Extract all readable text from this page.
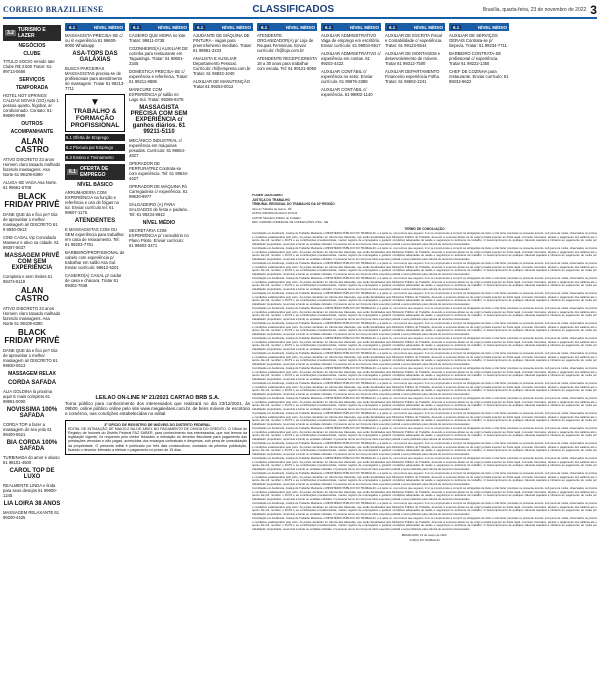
CORREIO BRAZILIENSE	CLASSIFICADOS	Brasília, quarta-feira, 23 de novembro de 2022 3
3.2 TURISMO E LAZER
NEGÓCIOS
CLUBE
TITULO SOCIO remido Iate Clube R$ 3.500 Tratar: 61-99713-0656
SERVIÇOS
TEMPORADA
HOTEL NOT SPRINGS CALDAS NOVAS (GO) Apto 1 pessoa quarto, frigobar, ar condicionado. Contato: 61-99690-9999
OUTROS
ACOMPANHANTE
ALAN CASTRO
ATIVO DISCRETO 23 anos Homem claro tatuado malhado fazendo massagens. Asa Norte 61 99109-8390
ALUGA-SE VAGA Asa Norte. 61 99651-5708
BLACK FRIDAY PRIVÊ
DANE QUE da e fico pe? Dia de aproveitar o melhor massagem ai! DISCRETO 61 9 9930-0513
CINE CASAL Vip Convidado Masseur e ativo na cidade. 61 99397-5637
MASSAGEM PRIVÊ COM SEM EXPERIÊNCIA
Completa e sem limites 61 98474-5119
ALAN CASTRO
ATIVO DISCRETO 23 anos Homem claro tatuado malhado fazendo massagens. Asa Norte 61 99109-8390
BLACK FRIDAY PRIVÊ
DANE QUE da e fico pe? Dia de aproveitar o melhor massagem ai! DISCRETO 61 99930-0513
MASSAGEM RELAX
CORDA SAFADA
ALIA GOLDINA la proxima aqui! E mais completo 61 99981-0000
NOVISSIMA 100% SAFADA
CORDA TOP a fazer a massagem do seu jeito 61 99400-5521
BIA CORDA 100% SAFADA
TURBINADA do amor e abuso 61 98101-4500
CAROL TOP DE LUXO
REALMENTE LINDA e linda para seus desejos 61 99600-1245
LIA LOIRA 38 ANOS
MASSAGEM RELAXANTE 61 99200-4425
6.1	NÍVEL MÉDIO
MASSAGISTA PRECISA-SE c/ ou s/ experiência 61 99600-9000 Whatsapp
ASA-TOPS DAS GALÁXIAS
BUSCA PARCEIRAS MASSAGISTAS precisa-se de profissionais para atendimento de massagem. Tratar 61 99213-7711
▼
TRABALHO & FORMAÇÃO PROFISSIONAL
6.1 Oferta de Emprego
6.2 Procura por Emprego
6.3 Ensino e Treinamento
6.1 OFERTA DE EMPREGO
NÍVEL BÁSICO
ARRUMADEIRA COM EXPERIÊNCIA na função e referência e uso de folgas no tur. Enviar currículo tel: 61 99607-1175
ATENDENTES
E MASSAGISTAS COM OU SEM experiência para trabalhar em casa de relaxamento. Tel: 61 99203-7781
BARBEIRO/PROFISSIONAL de cabelo com experiência p/ trabalhar em salão Asa Sul. Enviar currículo: 98612-5201
CASEIRO(A) CASAL p/ cuidar de casa e chácara. Tratar 61 99302-7848
6.1	NÍVEL MÉDIO
CASEIRO QUE MORA no lote. Tratar: 99611-0738
COZINHEIRO(A) AUXILIAR DE cozinha para restaurante em Taguatinga. Tratar: 61 99601-2345
DOMÉSTICA PRECISA-SE c/ experiência e referência. Tratar: 61 99211-8888
MANICURE COM EXPERIÊNCIA p/ salão no Lago Sul. Tratar: 99289-8478
MASSAGISTA PRECISA COM SEM EXPERIÊNCIA c/ ganhos diários. 61 99211-5110
MECÂNICO INDUSTRIAL c/ experiência em máquinas pesadas. Currículo: 61 98654-4827
OPERADOR DE PERFURATRIZ Contrata-se com experiência. Tel: 61 99634-4427
OPERADOR DE MÁQUINA Pá Carregadeira c/ experiência. 61 99630-9977
SALGADEIRO (A) PARA SALGADOS de festa e padaria. Tel: 61 99234-8842
NÍVEL MÉDIO
SECRETÁRIA COM EXPERIÊNCIA p/ consultório no Plano Piloto. Enviar currículo: 61 99602-3471
LEILÃO ON-LINE Nº 21/2021 CARTÃO BRB S.A.
Torna público para conhecimento dos interessados que realizará no dia 23/12/2021, às 09h00, online público online pelo site www.megaleiloes.com.br, de bens móveis de escritório e comércio, nas condições estabelecidas no edital.
3º OFÍCIO DE REGISTRO DE IMÓVEIS DO DISTRITO FEDERAL
EDITAL DE INTIMAÇÃO DE MAIOCO NA DE ARIEL NO PAGAMENTO DE DIVIDA DO CREDITO. O Oficial do Registro de Imóveis do Distrito Federal FAZ SABER, para conhecimento dos interessados, que nos termos da legislação vigente, foi requerido pelo credor fiduciário a intimação do devedor fiduciante para pagamento das prestações vencidas e não pagas, acrescidas dos encargos contratuais e despesas, sob pena de consolidação da propriedade. O presente edital é publicado por três dias consecutivos, contados da primeira publicação, ficando o devedor intimado a efetuar o pagamento no prazo de 15 dias.
6.1	NÍVEL MÉDIO
AJUDANTE DE MÁQUINA DE PINTURA - vagas para preenchimento imediato. Tratar: 61 99981-2233
ANALISTA E AUXILIAR Departamento Pessoal. Currículo: rh@empresa.com.br Tratar: 61 98832-1040
AUXILIAR DE MANUTENÇÃO Tratar 61 99254-0012
6.1	NÍVEL MÉDIO
ATENDENTE ORGANIZADOR(A) p/ Loja de Roupas Femininas. Enviar currículo: rh@loja.com.br
ATENDENTE RECEPCIONISTA 18 a 30 anos para trabalhar com escala. Tel: 61 99121-6050
6.1	NÍVEL MÉDIO
AUXILIAR ADMINISTRATIVO Vaga de emprego em escritório. Enviar currículo: 61 98004-6617
AUXILIAR ADMINISTRATIVO c/ experiência em contas. 61 99202-4422
AUXILIAR CONTÁBIL c/ experiência no setor. Enviar currículo. 61 99876-3388
AUXILIAR CONTÁBIL c/ experiência. 61 99802-1140
6.1	NÍVEL MÉDIO
AUXILIAR DE ESCRITA Fiscal e Contabilidade c/ experiência. Tratar: 61 99123-5544
AUXILIAR DE MONTAGEM e desenvolvimento de móveis. Tratar 61 99312-7500
AUXILIAR DEPARTAMENTO Financeiro experiência Folha. Tratar: 61 99602-2241
6.1	NÍVEL MÉDIO
AUXILIAR DE SERVIÇOS GERAIS Contrata-se p/ limpeza. Tratar: 61 99234-7711
BARBEIRO CONTRATA-SE profissional c/ experiência. Tratar 61 99222-1350
CHEF DE COZINHA para restaurante. Enviar currículo: 61 99232-6622

PODER JUDICIÁRIO

JUSTIÇA DO TRABALHO

TRIBUNAL REGIONAL DO TRABALHO DA 10ª REGIÃO

Vara do Trabalho de Gama - DF

ACPCiv 0000000-00.2012.5.10.0111

AUTOR: Ministério Público do Trabalho

RÉU: FORMAR COMERCIAL DE CONFECÇÕES LTDA - ME

TERMO DE CONCILIAÇÃO

Conciliação em Audiência, Justiça do Trabalho Mediante o MINISTÉRIO PÚBLICO DO TRABALHO, e a parte ré, nos termos que seguem. A ré se compromete a cumprir as obrigações de fazer e não fazer previstas no presente acordo, sob pena de multa, observados os prazos e condições estabelecidos pelo juízo. As partes declaram ter ciência das cláusulas, que serão fiscalizadas pelo Ministério Público do Trabalho, devendo a empresa abster-se de exigir jornada superior ao limite legal, conceder intervalos, efetuar o pagamento dos salários até o quinto dia útil, recolher o FGTS e as contribuições previdenciárias, manter registro de empregados e garantir condições adequadas de saúde e segurança no ambiente de trabalho. O descumprimento de qualquer cláusula sujeitará a infratora ao pagamento de multa por trabalhador prejudicado, reversível a fundo ou entidade indicada. O presente termo tem força de título executivo judicial e será publicado para ciência de terceiros interessados.

Conciliação em Audiência, Justiça do Trabalho Mediante o MINISTÉRIO PÚBLICO DO TRABALHO, e a parte ré, nos termos que seguem. A ré se compromete a cumprir as obrigações de fazer e não fazer previstas no presente acordo, sob pena de multa, observados os prazos e condições estabelecidos pelo juízo. As partes declaram ter ciência das cláusulas, que serão fiscalizadas pelo Ministério Público do Trabalho, devendo a empresa abster-se de exigir jornada superior ao limite legal, conceder intervalos, efetuar o pagamento dos salários até o quinto dia útil, recolher o FGTS e as contribuições previdenciárias, manter registro de empregados e garantir condições adequadas de saúde e segurança no ambiente de trabalho. O descumprimento de qualquer cláusula sujeitará a infratora ao pagamento de multa por trabalhador prejudicado, reversível a fundo ou entidade indicada. O presente termo tem força de título executivo judicial e será publicado para ciência de terceiros interessados.

Conciliação em Audiência, Justiça do Trabalho Mediante o MINISTÉRIO PÚBLICO DO TRABALHO, e a parte ré, nos termos que seguem. A ré se compromete a cumprir as obrigações de fazer e não fazer previstas no presente acordo, sob pena de multa, observados os prazos e condições estabelecidos pelo juízo. As partes declaram ter ciência das cláusulas, que serão fiscalizadas pelo Ministério Público do Trabalho, devendo a empresa abster-se de exigir jornada superior ao limite legal, conceder intervalos, efetuar o pagamento dos salários até o quinto dia útil, recolher o FGTS e as contribuições previdenciárias, manter registro de empregados e garantir condições adequadas de saúde e segurança no ambiente de trabalho. O descumprimento de qualquer cláusula sujeitará a infratora ao pagamento de multa por trabalhador prejudicado, reversível a fundo ou entidade indicada. O presente termo tem força de título executivo judicial e será publicado para ciência de terceiros interessados.

Conciliação em Audiência, Justiça do Trabalho Mediante o MINISTÉRIO PÚBLICO DO TRABALHO, e a parte ré, nos termos que seguem. A ré se compromete a cumprir as obrigações de fazer e não fazer previstas no presente acordo, sob pena de multa, observados os prazos e condições estabelecidos pelo juízo. As partes declaram ter ciência das cláusulas, que serão fiscalizadas pelo Ministério Público do Trabalho, devendo a empresa abster-se de exigir jornada superior ao limite legal, conceder intervalos, efetuar o pagamento dos salários até o quinto dia útil, recolher o FGTS e as contribuições previdenciárias, manter registro de empregados e garantir condições adequadas de saúde e segurança no ambiente de trabalho. O descumprimento de qualquer cláusula sujeitará a infratora ao pagamento de multa por trabalhador prejudicado, reversível a fundo ou entidade indicada. O presente termo tem força de título executivo judicial e será publicado para ciência de terceiros interessados.

Conciliação em Audiência, Justiça do Trabalho Mediante o MINISTÉRIO PÚBLICO DO TRABALHO, e a parte ré, nos termos que seguem. A ré se compromete a cumprir as obrigações de fazer e não fazer previstas no presente acordo, sob pena de multa, observados os prazos e condições estabelecidos pelo juízo. As partes declaram ter ciência das cláusulas, que serão fiscalizadas pelo Ministério Público do Trabalho, devendo a empresa abster-se de exigir jornada superior ao limite legal, conceder intervalos, efetuar o pagamento dos salários até o quinto dia útil, recolher o FGTS e as contribuições previdenciárias, manter registro de empregados e garantir condições adequadas de saúde e segurança no ambiente de trabalho. O descumprimento de qualquer cláusula sujeitará a infratora ao pagamento de multa por trabalhador prejudicado, reversível a fundo ou entidade indicada. O presente termo tem força de título executivo judicial e será publicado para ciência de terceiros interessados.

Conciliação em Audiência, Justiça do Trabalho Mediante o MINISTÉRIO PÚBLICO DO TRABALHO, e a parte ré, nos termos que seguem. A ré se compromete a cumprir as obrigações de fazer e não fazer previstas no presente acordo, sob pena de multa, observados os prazos e condições estabelecidos pelo juízo. As partes declaram ter ciência das cláusulas, que serão fiscalizadas pelo Ministério Público do Trabalho, devendo a empresa abster-se de exigir jornada superior ao limite legal, conceder intervalos, efetuar o pagamento dos salários até o quinto dia útil, recolher o FGTS e as contribuições previdenciárias, manter registro de empregados e garantir condições adequadas de saúde e segurança no ambiente de trabalho. O descumprimento de qualquer cláusula sujeitará a infratora ao pagamento de multa por trabalhador prejudicado, reversível a fundo ou entidade indicada. O presente termo tem força de título executivo judicial e será publicado para ciência de terceiros interessados.

Conciliação em Audiência, Justiça do Trabalho Mediante o MINISTÉRIO PÚBLICO DO TRABALHO, e a parte ré, nos termos que seguem. A ré se compromete a cumprir as obrigações de fazer e não fazer previstas no presente acordo, sob pena de multa, observados os prazos e condições estabelecidos pelo juízo. As partes declaram ter ciência das cláusulas, que serão fiscalizadas pelo Ministério Público do Trabalho, devendo a empresa abster-se de exigir jornada superior ao limite legal, conceder intervalos, efetuar o pagamento dos salários até o quinto dia útil, recolher o FGTS e as contribuições previdenciárias, manter registro de empregados e garantir condições adequadas de saúde e segurança no ambiente de trabalho. O descumprimento de qualquer cláusula sujeitará a infratora ao pagamento de multa por trabalhador prejudicado, reversível a fundo ou entidade indicada. O presente termo tem força de título executivo judicial e será publicado para ciência de terceiros interessados.

Conciliação em Audiência, Justiça do Trabalho Mediante o MINISTÉRIO PÚBLICO DO TRABALHO, e a parte ré, nos termos que seguem. A ré se compromete a cumprir as obrigações de fazer e não fazer previstas no presente acordo, sob pena de multa, observados os prazos e condições estabelecidos pelo juízo. As partes declaram ter ciência das cláusulas, que serão fiscalizadas pelo Ministério Público do Trabalho, devendo a empresa abster-se de exigir jornada superior ao limite legal, conceder intervalos, efetuar o pagamento dos salários até o quinto dia útil, recolher o FGTS e as contribuições previdenciárias, manter registro de empregados e garantir condições adequadas de saúde e segurança no ambiente de trabalho. O descumprimento de qualquer cláusula sujeitará a infratora ao pagamento de multa por trabalhador prejudicado, reversível a fundo ou entidade indicada. O presente termo tem força de título executivo judicial e será publicado para ciência de terceiros interessados.

Conciliação em Audiência, Justiça do Trabalho Mediante o MINISTÉRIO PÚBLICO DO TRABALHO, e a parte ré, nos termos que seguem. A ré se compromete a cumprir as obrigações de fazer e não fazer previstas no presente acordo, sob pena de multa, observados os prazos e condições estabelecidos pelo juízo. As partes declaram ter ciência das cláusulas, que serão fiscalizadas pelo Ministério Público do Trabalho, devendo a empresa abster-se de exigir jornada superior ao limite legal, conceder intervalos, efetuar o pagamento dos salários até o quinto dia útil, recolher o FGTS e as contribuições previdenciárias, manter registro de empregados e garantir condições adequadas de saúde e segurança no ambiente de trabalho. O descumprimento de qualquer cláusula sujeitará a infratora ao pagamento de multa por trabalhador prejudicado, reversível a fundo ou entidade indicada. O presente termo tem força de título executivo judicial e será publicado para ciência de terceiros interessados.

Conciliação em Audiência, Justiça do Trabalho Mediante o MINISTÉRIO PÚBLICO DO TRABALHO, e a parte ré, nos termos que seguem. A ré se compromete a cumprir as obrigações de fazer e não fazer previstas no presente acordo, sob pena de multa, observados os prazos e condições estabelecidos pelo juízo. As partes declaram ter ciência das cláusulas, que serão fiscalizadas pelo Ministério Público do Trabalho, devendo a empresa abster-se de exigir jornada superior ao limite legal, conceder intervalos, efetuar o pagamento dos salários até o quinto dia útil, recolher o FGTS e as contribuições previdenciárias, manter registro de empregados e garantir condições adequadas de saúde e segurança no ambiente de trabalho. O descumprimento de qualquer cláusula sujeitará a infratora ao pagamento de multa por trabalhador prejudicado, reversível a fundo ou entidade indicada. O presente termo tem força de título executivo judicial e será publicado para ciência de terceiros interessados.

Conciliação em Audiência, Justiça do Trabalho Mediante o MINISTÉRIO PÚBLICO DO TRABALHO, e a parte ré, nos termos que seguem. A ré se compromete a cumprir as obrigações de fazer e não fazer previstas no presente acordo, sob pena de multa, observados os prazos e condições estabelecidos pelo juízo. As partes declaram ter ciência das cláusulas, que serão fiscalizadas pelo Ministério Público do Trabalho, devendo a empresa abster-se de exigir jornada superior ao limite legal, conceder intervalos, efetuar o pagamento dos salários até o quinto dia útil, recolher o FGTS e as contribuições previdenciárias, manter registro de empregados e garantir condições adequadas de saúde e segurança no ambiente de trabalho. O descumprimento de qualquer cláusula sujeitará a infratora ao pagamento de multa por trabalhador prejudicado, reversível a fundo ou entidade indicada. O presente termo tem força de título executivo judicial e será publicado para ciência de terceiros interessados.

Conciliação em Audiência, Justiça do Trabalho Mediante o MINISTÉRIO PÚBLICO DO TRABALHO, e a parte ré, nos termos que seguem. A ré se compromete a cumprir as obrigações de fazer e não fazer previstas no presente acordo, sob pena de multa, observados os prazos e condições estabelecidos pelo juízo. As partes declaram ter ciência das cláusulas, que serão fiscalizadas pelo Ministério Público do Trabalho, devendo a empresa abster-se de exigir jornada superior ao limite legal, conceder intervalos, efetuar o pagamento dos salários até o quinto dia útil, recolher o FGTS e as contribuições previdenciárias, manter registro de empregados e garantir condições adequadas de saúde e segurança no ambiente de trabalho. O descumprimento de qualquer cláusula sujeitará a infratora ao pagamento de multa por trabalhador prejudicado, reversível a fundo ou entidade indicada. O presente termo tem força de título executivo judicial e será publicado para ciência de terceiros interessados.

Conciliação em Audiência, Justiça do Trabalho Mediante o MINISTÉRIO PÚBLICO DO TRABALHO, e a parte ré, nos termos que seguem. A ré se compromete a cumprir as obrigações de fazer e não fazer previstas no presente acordo, sob pena de multa, observados os prazos e condições estabelecidos pelo juízo. As partes declaram ter ciência das cláusulas, que serão fiscalizadas pelo Ministério Público do Trabalho, devendo a empresa abster-se de exigir jornada superior ao limite legal, conceder intervalos, efetuar o pagamento dos salários até o quinto dia útil, recolher o FGTS e as contribuições previdenciárias, manter registro de empregados e garantir condições adequadas de saúde e segurança no ambiente de trabalho. O descumprimento de qualquer cláusula sujeitará a infratora ao pagamento de multa por trabalhador prejudicado, reversível a fundo ou entidade indicada. O presente termo tem força de título executivo judicial e será publicado para ciência de terceiros interessados.

Conciliação em Audiência, Justiça do Trabalho Mediante o MINISTÉRIO PÚBLICO DO TRABALHO, e a parte ré, nos termos que seguem. A ré se compromete a cumprir as obrigações de fazer e não fazer previstas no presente acordo, sob pena de multa, observados os prazos e condições estabelecidos pelo juízo. As partes declaram ter ciência das cláusulas, que serão fiscalizadas pelo Ministério Público do Trabalho, devendo a empresa abster-se de exigir jornada superior ao limite legal, conceder intervalos, efetuar o pagamento dos salários até o quinto dia útil, recolher o FGTS e as contribuições previdenciárias, manter registro de empregados e garantir condições adequadas de saúde e segurança no ambiente de trabalho. O descumprimento de qualquer cláusula sujeitará a infratora ao pagamento de multa por trabalhador prejudicado, reversível a fundo ou entidade indicada. O presente termo tem força de título executivo judicial e será publicado para ciência de terceiros interessados.

Conciliação em Audiência, Justiça do Trabalho Mediante o MINISTÉRIO PÚBLICO DO TRABALHO, e a parte ré, nos termos que seguem. A ré se compromete a cumprir as obrigações de fazer e não fazer previstas no presente acordo, sob pena de multa, observados os prazos e condições estabelecidos pelo juízo. As partes declaram ter ciência das cláusulas, que serão fiscalizadas pelo Ministério Público do Trabalho, devendo a empresa abster-se de exigir jornada superior ao limite legal, conceder intervalos, efetuar o pagamento dos salários até o quinto dia útil, recolher o FGTS e as contribuições previdenciárias, manter registro de empregados e garantir condições adequadas de saúde e segurança no ambiente de trabalho. O descumprimento de qualquer cláusula sujeitará a infratora ao pagamento de multa por trabalhador prejudicado, reversível a fundo ou entidade indicada. O presente termo tem força de título executivo judicial e será publicado para ciência de terceiros interessados.

Conciliação em Audiência, Justiça do Trabalho Mediante o MINISTÉRIO PÚBLICO DO TRABALHO, e a parte ré, nos termos que seguem. A ré se compromete a cumprir as obrigações de fazer e não fazer previstas no presente acordo, sob pena de multa, observados os prazos e condições estabelecidos pelo juízo. As partes declaram ter ciência das cláusulas, que serão fiscalizadas pelo Ministério Público do Trabalho, devendo a empresa abster-se de exigir jornada superior ao limite legal, conceder intervalos, efetuar o pagamento dos salários até o quinto dia útil, recolher o FGTS e as contribuições previdenciárias, manter registro de empregados e garantir condições adequadas de saúde e segurança no ambiente de trabalho. O descumprimento de qualquer cláusula sujeitará a infratora ao pagamento de multa por trabalhador prejudicado, reversível a fundo ou entidade indicada. O presente termo tem força de título executivo judicial e será publicado para ciência de terceiros interessados.

Conciliação em Audiência, Justiça do Trabalho Mediante o MINISTÉRIO PÚBLICO DO TRABALHO, e a parte ré, nos termos que seguem. A ré se compromete a cumprir as obrigações de fazer e não fazer previstas no presente acordo, sob pena de multa, observados os prazos e condições estabelecidos pelo juízo. As partes declaram ter ciência das cláusulas, que serão fiscalizadas pelo Ministério Público do Trabalho, devendo a empresa abster-se de exigir jornada superior ao limite legal, conceder intervalos, efetuar o pagamento dos salários até o quinto dia útil, recolher o FGTS e as contribuições previdenciárias, manter registro de empregados e garantir condições adequadas de saúde e segurança no ambiente de trabalho. O descumprimento de qualquer cláusula sujeitará a infratora ao pagamento de multa por trabalhador prejudicado, reversível a fundo ou entidade indicada. O presente termo tem força de título executivo judicial e será publicado para ciência de terceiros interessados.

Conciliação em Audiência, Justiça do Trabalho Mediante o MINISTÉRIO PÚBLICO DO TRABALHO, e a parte ré, nos termos que seguem. A ré se compromete a cumprir as obrigações de fazer e não fazer previstas no presente acordo, sob pena de multa, observados os prazos e condições estabelecidos pelo juízo. As partes declaram ter ciência das cláusulas, que serão fiscalizadas pelo Ministério Público do Trabalho, devendo a empresa abster-se de exigir jornada superior ao limite legal, conceder intervalos, efetuar o pagamento dos salários até o quinto dia útil, recolher o FGTS e as contribuições previdenciárias, manter registro de empregados e garantir condições adequadas de saúde e segurança no ambiente de trabalho. O descumprimento de qualquer cláusula sujeitará a infratora ao pagamento de multa por trabalhador prejudicado, reversível a fundo ou entidade indicada. O presente termo tem força de título executivo judicial e será publicado para ciência de terceiros interessados.

Conciliação em Audiência, Justiça do Trabalho Mediante o MINISTÉRIO PÚBLICO DO TRABALHO, e a parte ré, nos termos que seguem. A ré se compromete a cumprir as obrigações de fazer e não fazer previstas no presente acordo, sob pena de multa, observados os prazos e condições estabelecidos pelo juízo. As partes declaram ter ciência das cláusulas, que serão fiscalizadas pelo Ministério Público do Trabalho, devendo a empresa abster-se de exigir jornada superior ao limite legal, conceder intervalos, efetuar o pagamento dos salários até o quinto dia útil, recolher o FGTS e as contribuições previdenciárias, manter registro de empregados e garantir condições adequadas de saúde e segurança no ambiente de trabalho. O descumprimento de qualquer cláusula sujeitará a infratora ao pagamento de multa por trabalhador prejudicado, reversível a fundo ou entidade indicada. O presente termo tem força de título executivo judicial e será publicado para ciência de terceiros interessados.

Conciliação em Audiência, Justiça do Trabalho Mediante o MINISTÉRIO PÚBLICO DO TRABALHO, e a parte ré, nos termos que seguem. A ré se compromete a cumprir as obrigações de fazer e não fazer previstas no presente acordo, sob pena de multa, observados os prazos e condições estabelecidos pelo juízo. As partes declaram ter ciência das cláusulas, que serão fiscalizadas pelo Ministério Público do Trabalho, devendo a empresa abster-se de exigir jornada superior ao limite legal, conceder intervalos, efetuar o pagamento dos salários até o quinto dia útil, recolher o FGTS e as contribuições previdenciárias, manter registro de empregados e garantir condições adequadas de saúde e segurança no ambiente de trabalho. O descumprimento de qualquer cláusula sujeitará a infratora ao pagamento de multa por trabalhador prejudicado, reversível a fundo ou entidade indicada. O presente termo tem força de título executivo judicial e será publicado para ciência de terceiros interessados.

BRASÍLIA/DF, 15 de março de 2022.

JUIZ(A) DO TRABALHO
